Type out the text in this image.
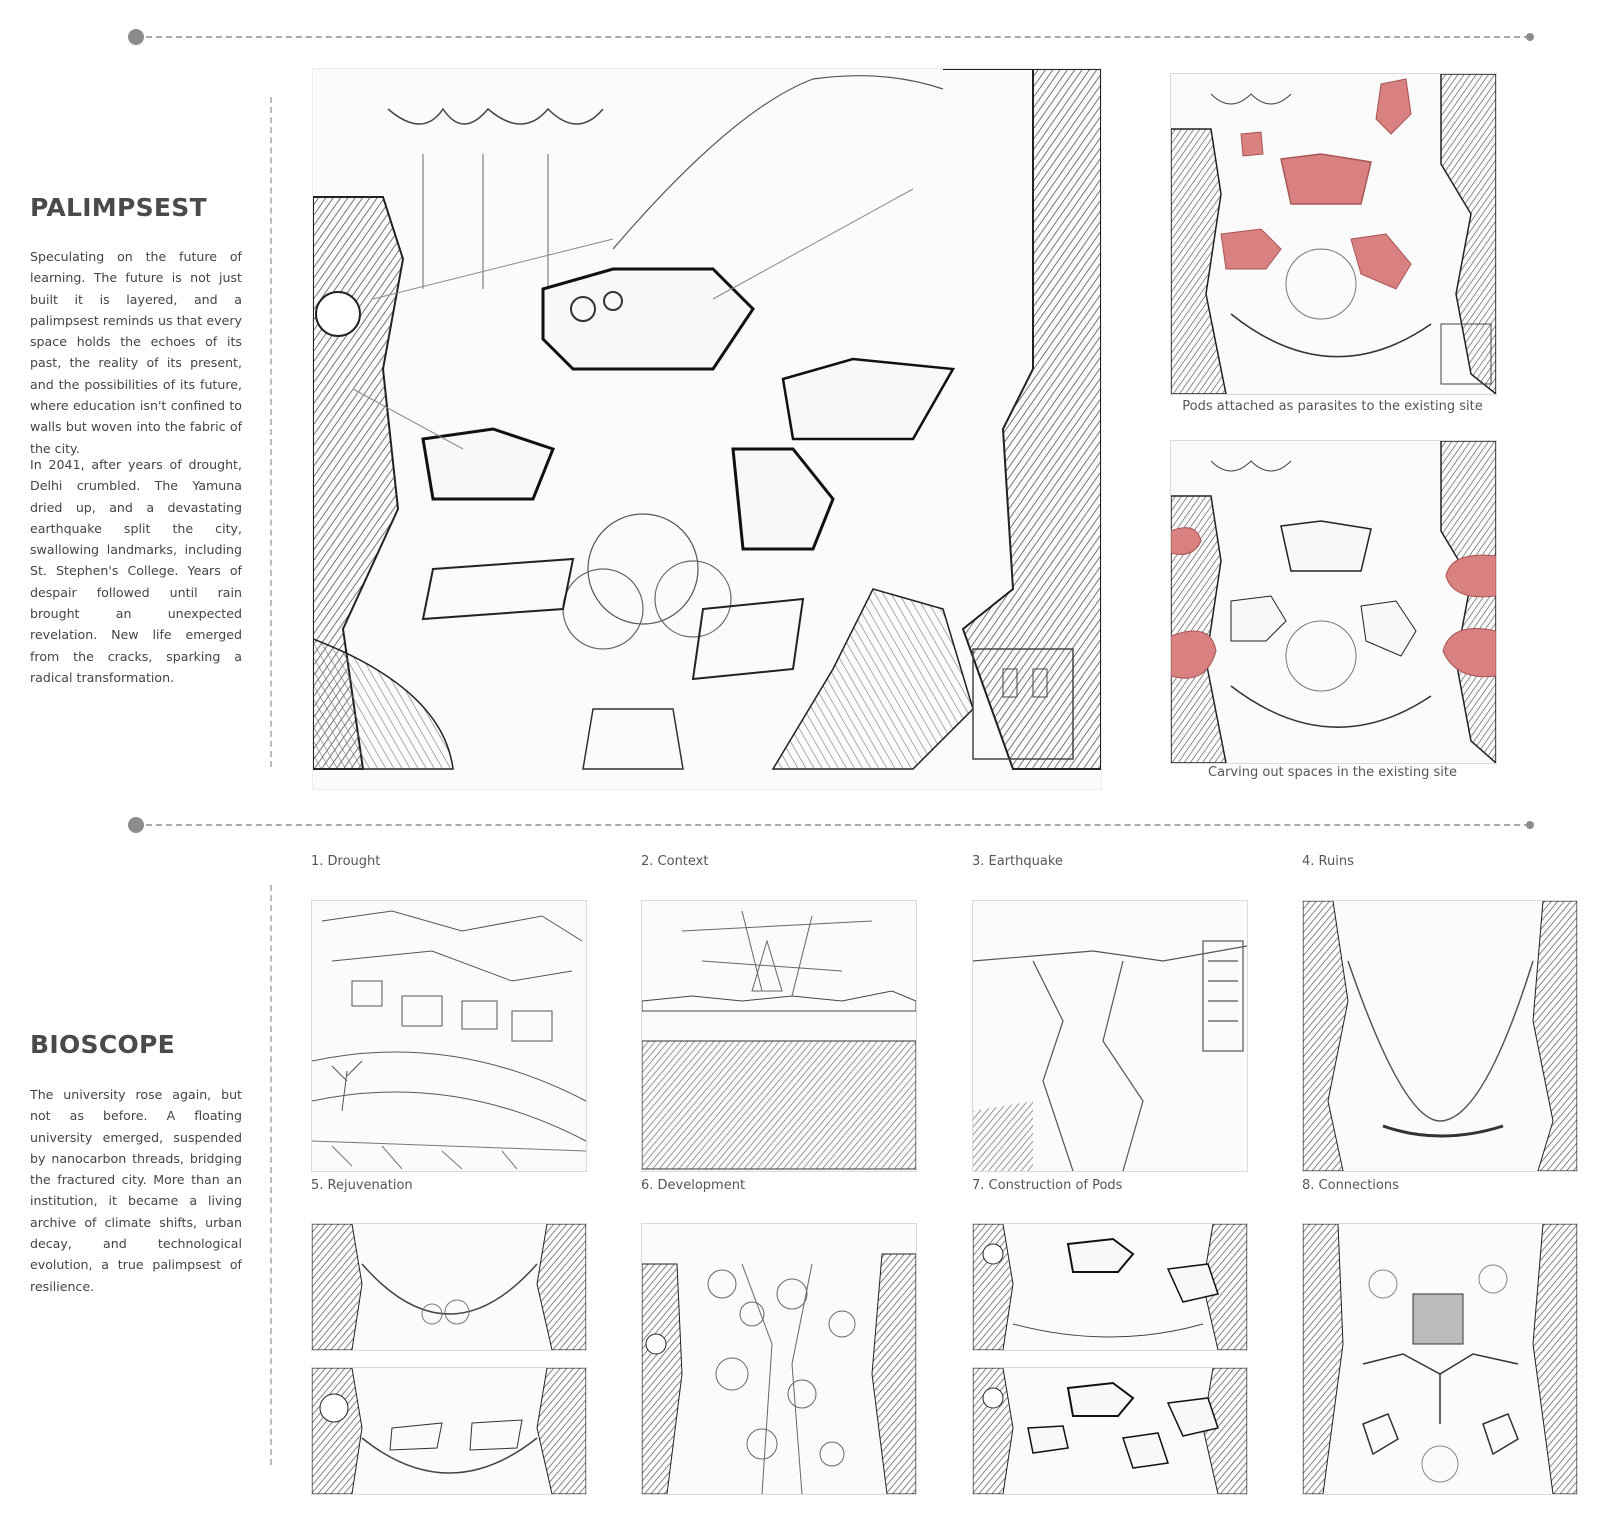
PALIMPSEST

Speculating on the future of learning. The future is not just built it is layered, and a palimpsest reminds us that every space holds the echoes of its past, the reality of its present, and the possibilities of its future, where education isn't confined to walls but woven into the fabric of the city.

In 2041, after years of drought, Delhi crumbled. The Yamuna dried up, and a devastating earthquake split the city, swallowing landmarks, including St. Stephen's College. Years of despair followed until rain brought an unexpected revelation. New life emerged from the cracks, sparking a radical transformation.

Pods attached as parasites to the existing site
Carving out spaces in the existing site
BIOSCOPE

The university rose again, but not as before. A floating university emerged, suspended by nanocarbon threads, bridging the fractured city. More than an institution, it became a living archive of climate shifts, urban decay, and technological evolution, a true palimpsest of resilience.

1. Drought	2. Context	3. Earthquake	4. Ruins
5. Rejuvenation	6. Development	7. Construction of Pods	8. Connections
